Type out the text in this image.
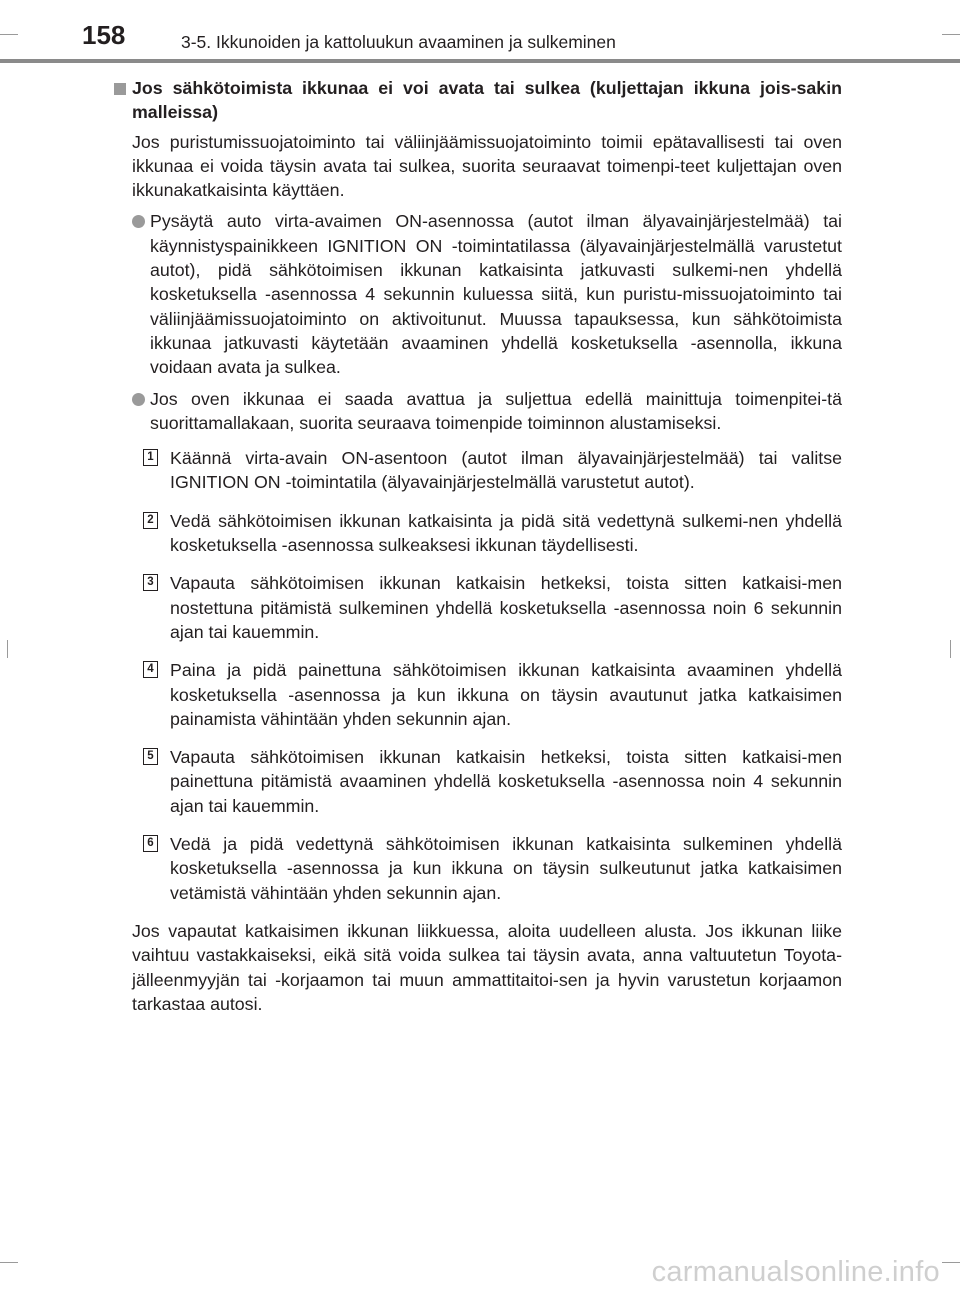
158	3-5. Ikkunoiden ja kattoluukun avaaminen ja sulkeminen
Jos sähkötoimista ikkunaa ei voi avata tai sulkea (kuljettajan ikkuna jois-sakin malleissa)
Jos puristumissuojatoiminto tai väliinjäämissuojatoiminto toimii epätavallisesti tai oven ikkunaa ei voida täysin avata tai sulkea, suorita seuraavat toimenpi-teet kuljettajan oven ikkunakatkaisinta käyttäen.
Pysäytä auto virta-avaimen ON-asennossa (autot ilman älyavainjärjestelmää) tai käynnistyspainikkeen IGNITION ON -toimintatilassa (älyavainjärjestelmällä varustetut autot), pidä sähkötoimisen ikkunan katkaisinta jatkuvasti sulkemi-nen yhdellä kosketuksella -asennossa 4 sekunnin kuluessa siitä, kun puristu-missuojatoiminto tai väliinjäämissuojatoiminto on aktivoitunut. Muussa tapauksessa, kun sähkötoimista ikkunaa jatkuvasti käytetään avaaminen yhdellä kosketuksella -asennolla, ikkuna voidaan avata ja sulkea.
Jos oven ikkunaa ei saada avattua ja suljettua edellä mainittuja toimenpitei-tä suorittamallakaan, suorita seuraava toimenpide toiminnon alustamiseksi.
1 Käännä virta-avain ON-asentoon (autot ilman älyavainjärjestelmää) tai valitse IGNITION ON -toimintatila (älyavainjärjestelmällä varustetut autot).
2 Vedä sähkötoimisen ikkunan katkaisinta ja pidä sitä vedettynä sulkemi-nen yhdellä kosketuksella -asennossa sulkeaksesi ikkunan täydellisesti.
3 Vapauta sähkötoimisen ikkunan katkaisin hetkeksi, toista sitten katkaisi-men nostettuna pitämistä sulkeminen yhdellä kosketuksella -asennossa noin 6 sekunnin ajan tai kauemmin.
4 Paina ja pidä painettuna sähkötoimisen ikkunan katkaisinta avaaminen yhdellä kosketuksella -asennossa ja kun ikkuna on täysin avautunut jatka katkaisimen painamista vähintään yhden sekunnin ajan.
5 Vapauta sähkötoimisen ikkunan katkaisin hetkeksi, toista sitten katkaisi-men painettuna pitämistä avaaminen yhdellä kosketuksella -asennossa noin 4 sekunnin ajan tai kauemmin.
6 Vedä ja pidä vedettynä sähkötoimisen ikkunan katkaisinta sulkeminen yhdellä kosketuksella -asennossa ja kun ikkuna on täysin sulkeutunut jatka katkaisimen vetämistä vähintään yhden sekunnin ajan.
Jos vapautat katkaisimen ikkunan liikkuessa, aloita uudelleen alusta. Jos ikkunan liike vaihtuu vastakkaiseksi, eikä sitä voida sulkea tai täysin avata, anna valtuutetun Toyota-jälleenmyyjän tai -korjaamon tai muun ammattitaitoi-sen ja hyvin varustetun korjaamon tarkastaa autosi.
carmanualsonline.info
